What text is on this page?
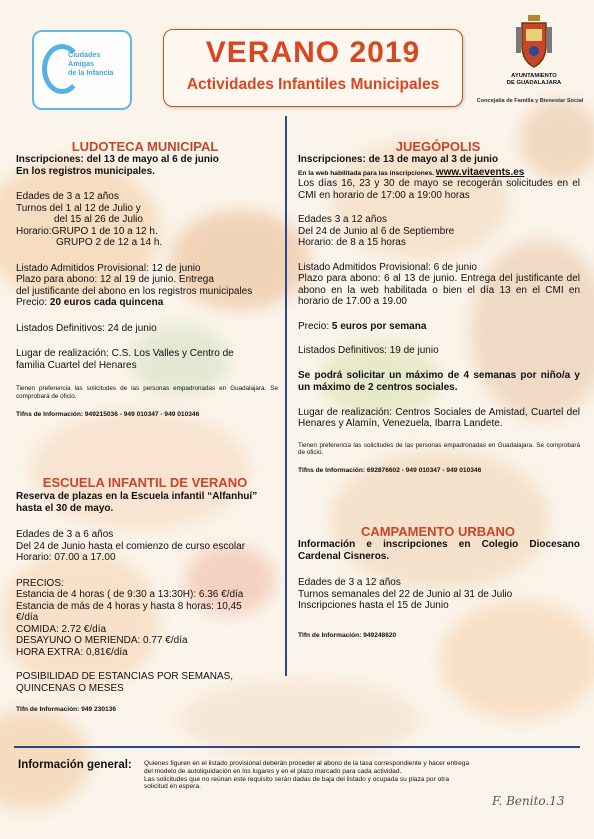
Ciudades
Amigas
de la Infancia
VERANO 2019
Actividades Infantiles Municipales	AYUNTAMIENTO
DE GUADALAJARA
Concejalía de Familia y Bienestar Social
LUDOTECA MUNICIPAL
Inscripciones: del 13 de mayo al 6 de junio
En los registros municipales.
Edades de 3 a 12 años
Turnos del 1 al 12 de Julio y
del 15 al 26 de Julio
Horario:GRUPO 1 de 10 a 12 h.
GRUPO 2 de 12 a 14 h.
Listado Admitidos Provisional: 12 de junio
Plazo para abono: 12 al 19 de junio. Entrega
del justificante del abono en los registros municipales
Precio: 20 euros cada quincena
Listados Definitivos: 24 de junio
Lugar de realización: C.S. Los Valles y Centro de
familia Cuartel del Henares
Tienen preferencia las solicitudes de las personas empadronadas en Guadalajara. Se comprobará de oficio.
Tlfns de Información: 949215036 - 949 010347 - 949 010346
ESCUELA INFANTIL DE VERANO
Reserva de plazas en la Escuela infantil “Alfanhuí”
hasta el 30 de mayo.
Edades de 3 a 6 años
Del 24 de Junio hasta el comienzo de curso escolar
Horario: 07.00 a 17.00
PRECIOS:
Estancia de 4 horas ( de 9:30 a 13:30H): 6.36 €/día
Estancia de más de 4 horas y hasta 8 horas: 10,45
€/día
COMIDA: 2.72 €/día
DESAYUNO O MERIENDA: 0.77 €/día
HORA EXTRA: 0,81€/día
POSIBILIDAD DE ESTANCIAS POR SEMANAS,
QUINCENAS O MESES
Tlfn de Información: 949 230136
JUEGÓPOLIS
Inscripciones: de 13 de mayo al 3 de junio
En la web habilitada para las inscripciones. www.vitaevents.es
Los días 16, 23 y 30 de mayo se recogerán solicitudes en el CMI en horario de 17:00 a 19:00 horas
Edades 3 a 12 años
Del 24 de Junio al 6 de Septiembre
Horario: de 8 a 15 horas
Listado Admitidos Provisional: 6 de junio
Plazo para abono: 6 al 13 de junio. Entrega del justificante del abono en la web habilitada o bien el día 13 en el CMI en horario de 17.00 a 19.00
Precio: 5 euros por semana
Listados Definitivos: 19 de junio
Se podrá solicitar un máximo de 4 semanas por niño/a y un máximo de 2 centros sociales.
Lugar de realización: Centros Sociales de Amistad, Cuartel del Henares y Alamín, Venezuela, Ibarra Landete.
Tienen preferencia las solicitudes de las personas empadronadas en Guadalajara. Se comprobará de oficio.
Tlfns de Información: 692876602 - 949 010347 - 949 010346
CAMPAMENTO URBANO
Información e inscripciones en Colegio Diocesano Cardenal Cisneros.
Edades de 3 a 12 años
Turnos semanales del 22 de Junio al 31 de Julio
Inscripciones hasta el 15 de Junio
Tlfn de Información: 949248620
Información general: Quienes figuren en el listado provisional deberán proceder al abono de la tasa correspondiente y hacer entrega
del modelo de autoliquidación en los lugares y en el plazo marcado para cada actividad.
Las solicitudes que no reúnan este requisito serán dadas de baja del listado y ocupada su plaza por otra
solicitud en espera.
F. Benito.13
